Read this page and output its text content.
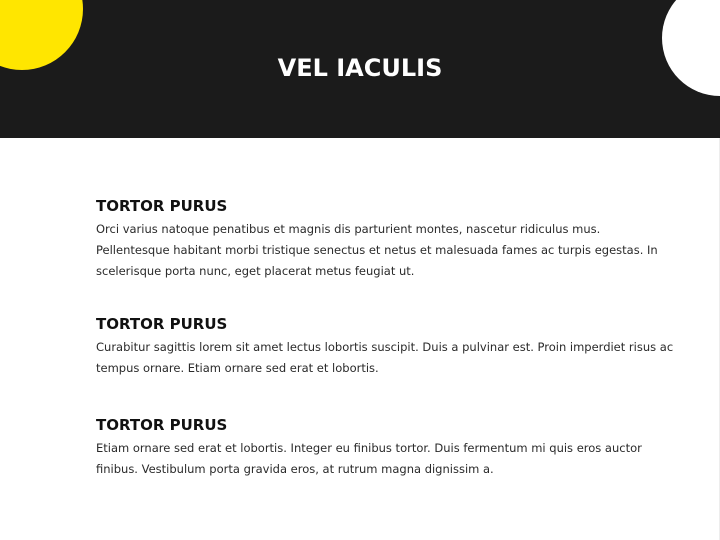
VEL IACULIS
TORTOR PURUS

Orci varius natoque penatibus et magnis dis parturient montes, nascetur ridiculus mus. Pellentesque habitant morbi tristique senectus et netus et malesuada fames ac turpis egestas. In scelerisque porta nunc, eget placerat metus feugiat ut.

TORTOR PURUS

Curabitur sagittis lorem sit amet lectus lobortis suscipit. Duis a pulvinar est. Proin imperdiet risus ac tempus ornare. Etiam ornare sed erat et lobortis.

TORTOR PURUS

Etiam ornare sed erat et lobortis. Integer eu finibus tortor. Duis fermentum mi quis eros auctor finibus. Vestibulum porta gravida eros, at rutrum magna dignissim a.
